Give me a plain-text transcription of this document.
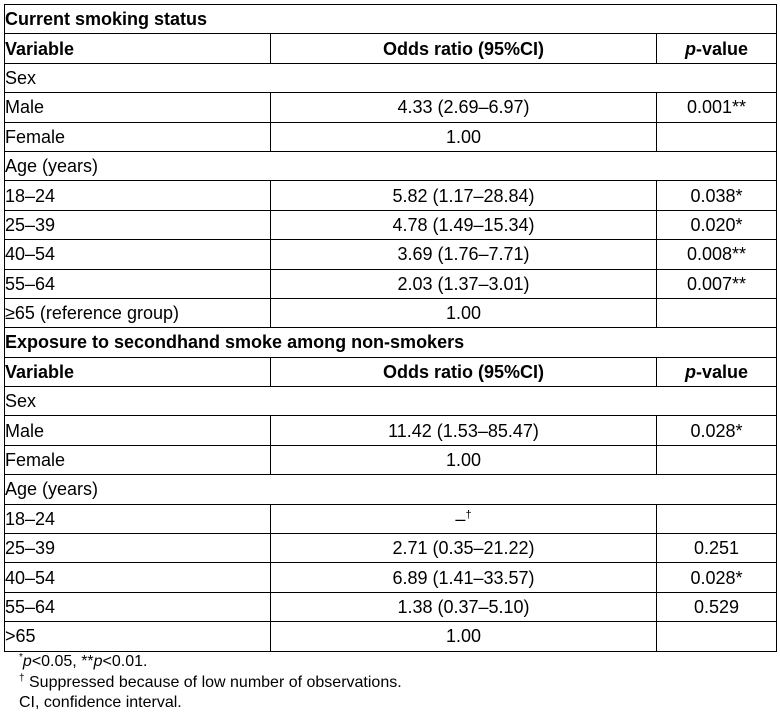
Current smoking status		
Variable	Odds ratio (95%CI)	p-value
Sex		
Male	4.33 (2.69–6.97)	0.001**
Female	1.00	
Age (years)		
18–24	5.82 (1.17–28.84)	0.038*
25–39	4.78 (1.49–15.34)	0.020*
40–54	3.69 (1.76–7.71)	0.008**
55–64	2.03 (1.37–3.01)	0.007**
≥65 (reference group)	1.00	
Exposure to secondhand smoke among non-smokers		
Variable	Odds ratio (95%CI)	p-value
Sex		
Male	11.42 (1.53–85.47)	0.028*
Female	1.00	
Age (years)		
18–24	–†	
25–39	2.71 (0.35–21.22)	0.251
40–54	6.89 (1.41–33.57)	0.028*
55–64	1.38 (0.37–5.10)	0.529
>65	1.00	
*p<0.05, **p<0.01.
† Suppressed because of low number of observations.
CI, confidence interval.
